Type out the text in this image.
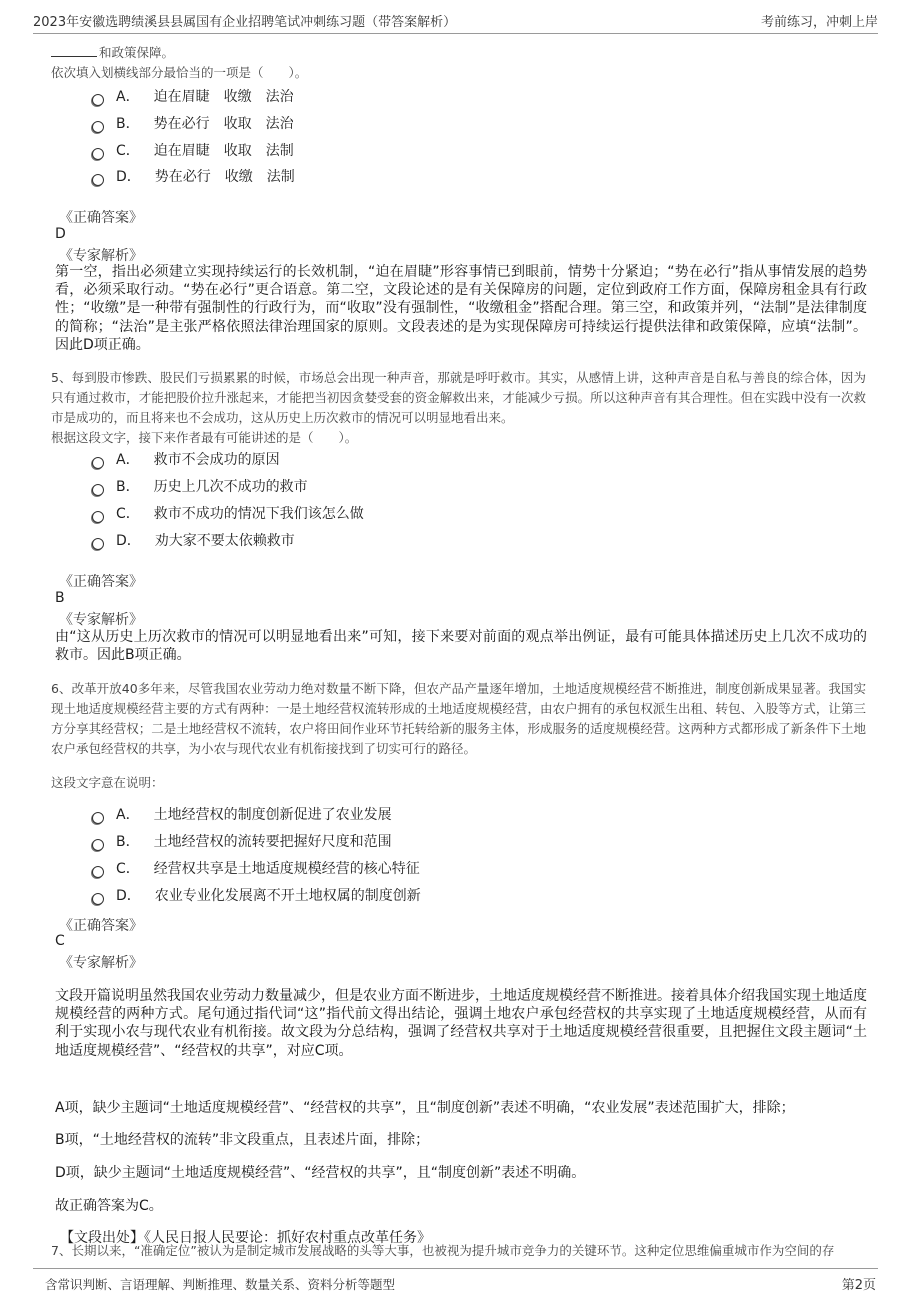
2023年安徽选聘绩溪县县属国有企业招聘笔试冲刺练习题（带答案解析）	考前练习，冲刺上岸
和政策保障。
依次填入划横线部分最恰当的一项是（　　）。
A． 迫在眉睫　收缴　法治
B． 势在必行　收取　法治
C． 迫在眉睫　收取　法制
D． 势在必行　收缴　法制
《正确答案》
D
《专家解析》
第一空，指出必须建立实现持续运行的长效机制，“迫在眉睫”形容事情已到眼前，情势十分紧迫；“势在必行”指从事情发展的趋势看，必须采取行动。“势在必行”更合语意。第二空，文段论述的是有关保障房的问题，定位到政府工作方面，保障房租金具有行政性；“收缴”是一种带有强制性的行政行为，而“收取”没有强制性，“收缴租金”搭配合理。第三空，和政策并列，“法制”是法律制度的简称；“法治”是主张严格依照法律治理国家的原则。文段表述的是为实现保障房可持续运行提供法律和政策保障，应填“法制”。因此D项正确。
5、每到股市惨跌、股民们亏损累累的时候，市场总会出现一种声音，那就是呼吁救市。其实，从感情上讲，这种声音是自私与善良的综合体，因为只有通过救市，才能把股价拉升涨起来，才能把当初因贪婪受套的资金解救出来，才能减少亏损。所以这种声音有其合理性。但在实践中没有一次救市是成功的，而且将来也不会成功，这从历史上历次救市的情况可以明显地看出来。
根据这段文字，接下来作者最有可能讲述的是（　　）。
A． 救市不会成功的原因
B． 历史上几次不成功的救市
C． 救市不成功的情况下我们该怎么做
D． 劝大家不要太依赖救市
《正确答案》
B
《专家解析》
由“这从历史上历次救市的情况可以明显地看出来”可知，接下来要对前面的观点举出例证，最有可能具体描述历史上几次不成功的救市。因此B项正确。
6、改革开放40多年来，尽管我国农业劳动力绝对数量不断下降，但农产品产量逐年增加，土地适度规模经营不断推进，制度创新成果显著。我国实现土地适度规模经营主要的方式有两种：一是土地经营权流转形成的土地适度规模经营，由农户拥有的承包权派生出租、转包、入股等方式，让第三方分享其经营权；二是土地经营权不流转，农户将田间作业环节托转给新的服务主体，形成服务的适度规模经营。这两种方式都形成了新条件下土地农户承包经营权的共享，为小农与现代农业有机衔接找到了切实可行的路径。
这段文字意在说明：
A． 土地经营权的制度创新促进了农业发展
B． 土地经营权的流转要把握好尺度和范围
C． 经营权共享是土地适度规模经营的核心特征
D． 农业专业化发展离不开土地权属的制度创新
《正确答案》
C
《专家解析》
文段开篇说明虽然我国农业劳动力数量减少，但是农业方面不断进步，土地适度规模经营不断推进。接着具体介绍我国实现土地适度规模经营的两种方式。尾句通过指代词“这”指代前文得出结论，强调土地农户承包经营权的共享实现了土地适度规模经营，从而有利于实现小农与现代农业有机衔接。故文段为分总结构，强调了经营权共享对于土地适度规模经营很重要，且把握住文段主题词“土地适度规模经营”、“经营权的共享”，对应C项。
A项，缺少主题词“土地适度规模经营”、“经营权的共享”，且“制度创新”表述不明确，“农业发展”表述范围扩大，排除；
B项，“土地经营权的流转”非文段重点，且表述片面，排除；
D项，缺少主题词“土地适度规模经营”、“经营权的共享”，且“制度创新”表述不明确。
故正确答案为C。
【文段出处】《人民日报人民要论：抓好农村重点改革任务》
7、长期以来，“准确定位”被认为是制定城市发展战略的头等大事，也被视为提升城市竞争力的关键环节。这种定位思维偏重城市作为空间的存
含常识判断、言语理解、判断推理、数量关系、资料分析等题型	第2页
